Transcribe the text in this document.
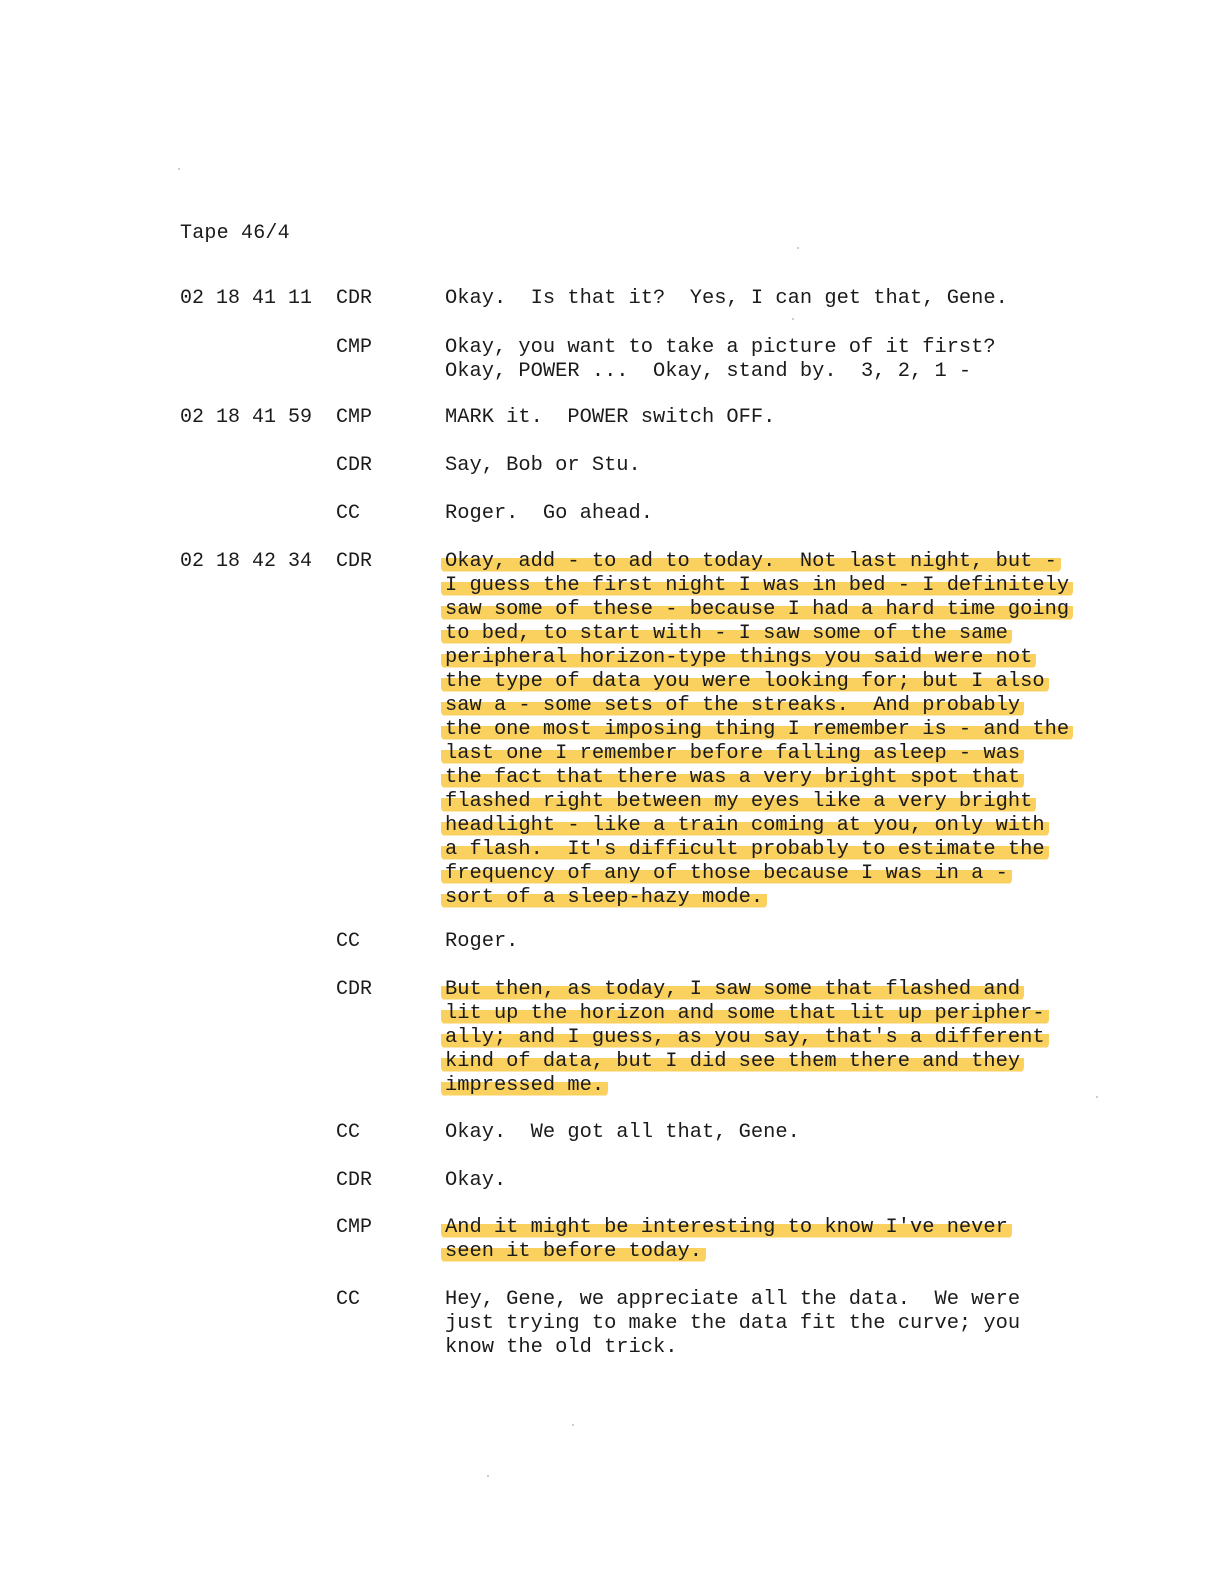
Tape 46/4
02 18 41 11 CDR	Okay.  Is that it?  Yes, I can get that, Gene.
CMP	Okay, you want to take a picture of it first?
Okay, POWER ...  Okay, stand by.  3, 2, 1 -
02 18 41 59 CMP	MARK it.  POWER switch OFF.
CDR	Say, Bob or Stu.
CC	Roger.  Go ahead.
02 18 42 34 CDR	Okay, add - to ad to today.  Not last night, but -
I guess the first night I was in bed - I definitely
saw some of these - because I had a hard time going
to bed, to start with - I saw some of the same
peripheral horizon-type things you said were not
the type of data you were looking for; but I also
saw a - some sets of the streaks.  And probably
the one most imposing thing I remember is - and the
last one I remember before falling asleep - was
the fact that there was a very bright spot that
flashed right between my eyes like a very bright
headlight - like a train coming at you, only with
a flash.  It's difficult probably to estimate the
frequency of any of those because I was in a -
sort of a sleep-hazy mode.
CC	Roger.
CDR	But then, as today, I saw some that flashed and
lit up the horizon and some that lit up peripher-
ally; and I guess, as you say, that's a different
kind of data, but I did see them there and they
impressed me.
CC	Okay.  We got all that, Gene.
CDR	Okay.
CMP	And it might be interesting to know I've never
seen it before today.
CC	Hey, Gene, we appreciate all the data.  We were
just trying to make the data fit the curve; you
know the old trick.
